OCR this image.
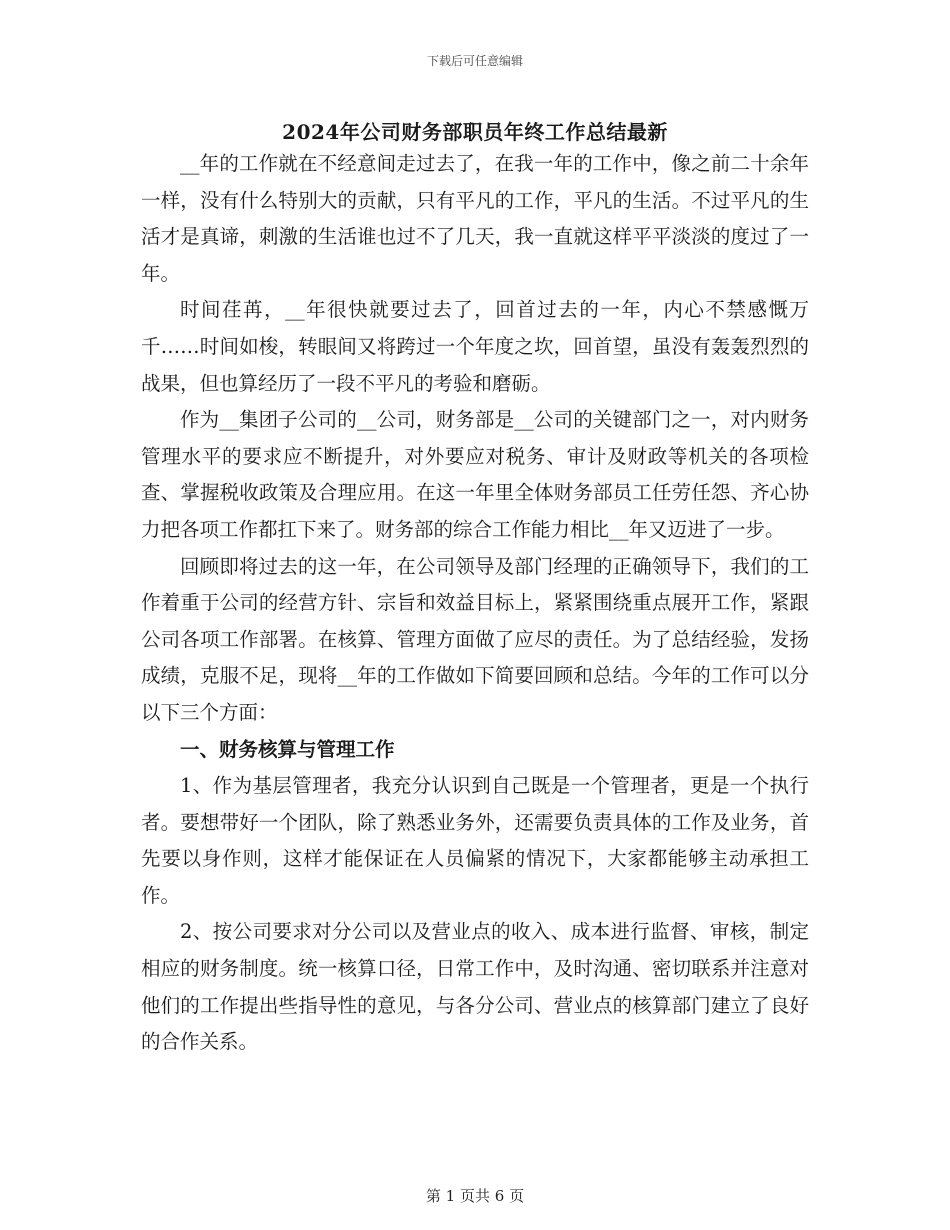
下载后可任意编辑
2024年公司财务部职员年终工作总结最新

__年的工作就在不经意间走过去了，在我一年的工作中，像之前二十余年一样，没有什么特别大的贡献，只有平凡的工作，平凡的生活。不过平凡的生活才是真谛，刺激的生活谁也过不了几天，我一直就这样平平淡淡的度过了一年。

时间荏苒，__年很快就要过去了，回首过去的一年，内心不禁感慨万千……时间如梭，转眼间又将跨过一个年度之坎，回首望，虽没有轰轰烈烈的战果，但也算经历了一段不平凡的考验和磨砺。

作为__集团子公司的__公司，财务部是__公司的关键部门之一，对内财务管理水平的要求应不断提升，对外要应对税务、审计及财政等机关的各项检查、掌握税收政策及合理应用。在这一年里全体财务部员工任劳任怨、齐心协力把各项工作都扛下来了。财务部的综合工作能力相比__年又迈进了一步。

回顾即将过去的这一年，在公司领导及部门经理的正确领导下，我们的工作着重于公司的经营方针、宗旨和效益目标上，紧紧围绕重点展开工作，紧跟公司各项工作部署。在核算、管理方面做了应尽的责任。为了总结经验，发扬成绩，克服不足，现将__年的工作做如下简要回顾和总结。今年的工作可以分以下三个方面：

一、财务核算与管理工作

1、作为基层管理者，我充分认识到自己既是一个管理者，更是一个执行者。要想带好一个团队，除了熟悉业务外，还需要负责具体的工作及业务，首先要以身作则，这样才能保证在人员偏紧的情况下，大家都能够主动承担工作。

2、按公司要求对分公司以及营业点的收入、成本进行监督、审核，制定相应的财务制度。统一核算口径，日常工作中，及时沟通、密切联系并注意对他们的工作提出些指导性的意见，与各分公司、营业点的核算部门建立了良好的合作关系。

第 1 页共 6 页
